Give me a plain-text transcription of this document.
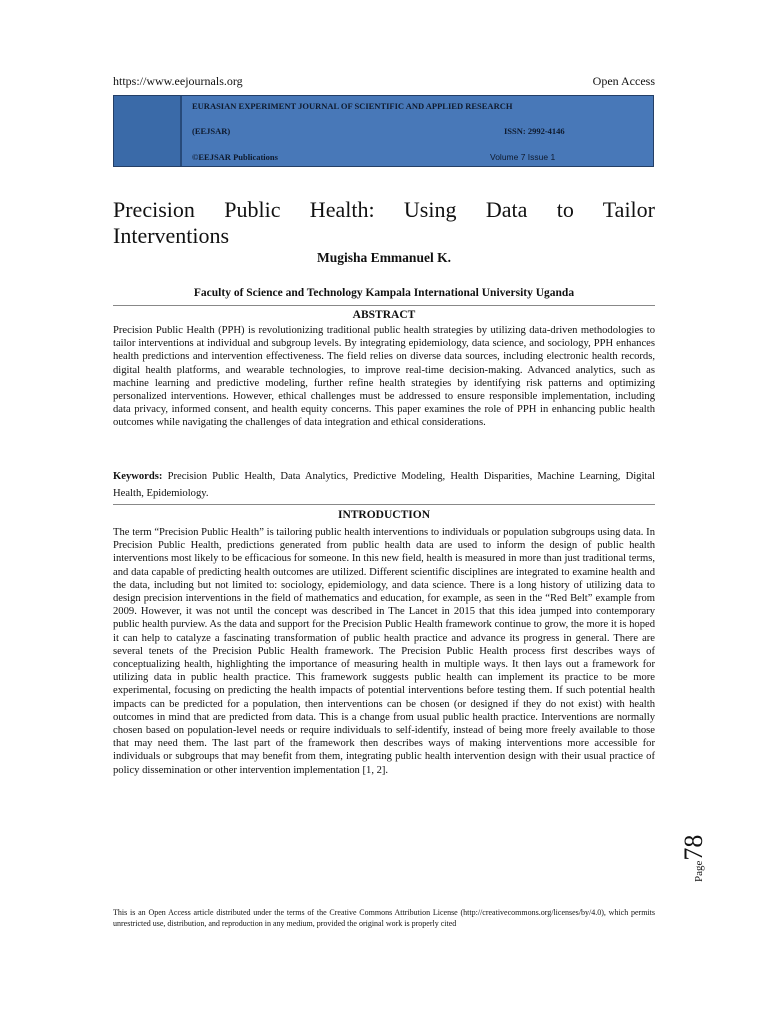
https://www.eejournals.org	Open Access
EURASIAN EXPERIMENT JOURNAL OF SCIENTIFIC AND APPLIED RESEARCH
(EEJSAR)	ISSN: 2992-4146
©EEJSAR Publications	Volume 7 Issue 1
Precision Public Health: Using Data to Tailor Interventions
Mugisha Emmanuel K.
Faculty of Science and Technology Kampala International University Uganda
ABSTRACT

Precision Public Health (PPH) is revolutionizing traditional public health strategies by utilizing data-driven methodologies to tailor interventions at individual and subgroup levels. By integrating epidemiology, data science, and sociology, PPH enhances health predictions and intervention effectiveness. The field relies on diverse data sources, including electronic health records, digital health platforms, and wearable technologies, to improve real-time decision-making. Advanced analytics, such as machine learning and predictive modeling, further refine health strategies by identifying risk patterns and optimizing personalized interventions. However, ethical challenges must be addressed to ensure responsible implementation, including data privacy, informed consent, and health equity concerns. This paper examines the role of PPH in enhancing public health outcomes while navigating the challenges of data integration and ethical considerations.

Keywords: Precision Public Health, Data Analytics, Predictive Modeling, Health Disparities, Machine Learning, Digital Health, Epidemiology.

INTRODUCTION

The term “Precision Public Health” is tailoring public health interventions to individuals or population subgroups using data. In Precision Public Health, predictions generated from public health data are used to inform the design of public health interventions most likely to be efficacious for someone. In this new field, health is measured in more than just traditional terms, and data capable of predicting health outcomes are utilized. Different scientific disciplines are integrated to examine health and the data, including but not limited to: sociology, epidemiology, and data science. There is a long history of utilizing data to design precision interventions in the field of mathematics and education, for example, as seen in the “Red Belt” example from 2009. However, it was not until the concept was described in The Lancet in 2015 that this idea jumped into contemporary public health purview. As the data and support for the Precision Public Health framework continue to grow, the more it is hoped it can help to catalyze a fascinating transformation of public health practice and advance its progress in general. There are several tenets of the Precision Public Health framework. The Precision Public Health process first describes ways of conceptualizing health, highlighting the importance of measuring health in multiple ways. It then lays out a framework for utilizing data in public health practice. This framework suggests public health can implement its practice to be more experimental, focusing on predicting the health impacts of potential interventions before testing them. If such potential health impacts can be predicted for a population, then interventions can be chosen (or designed if they do not exist) with health outcomes in mind that are predicted from data. This is a change from usual public health practice. Interventions are normally chosen based on population-level needs or require individuals to self-identify, instead of being more freely available to those that may need them. The last part of the framework then describes ways of making interventions more accessible for individuals or subgroups that may benefit from them, integrating public health intervention design with their usual practice of policy dissemination or other intervention implementation [1, 2].

This is an Open Access article distributed under the terms of the Creative Commons Attribution License (http://creativecommons.org/licenses/by/4.0), which permits unrestricted use, distribution, and reproduction in any medium, provided the original work is properly cited

Page78
